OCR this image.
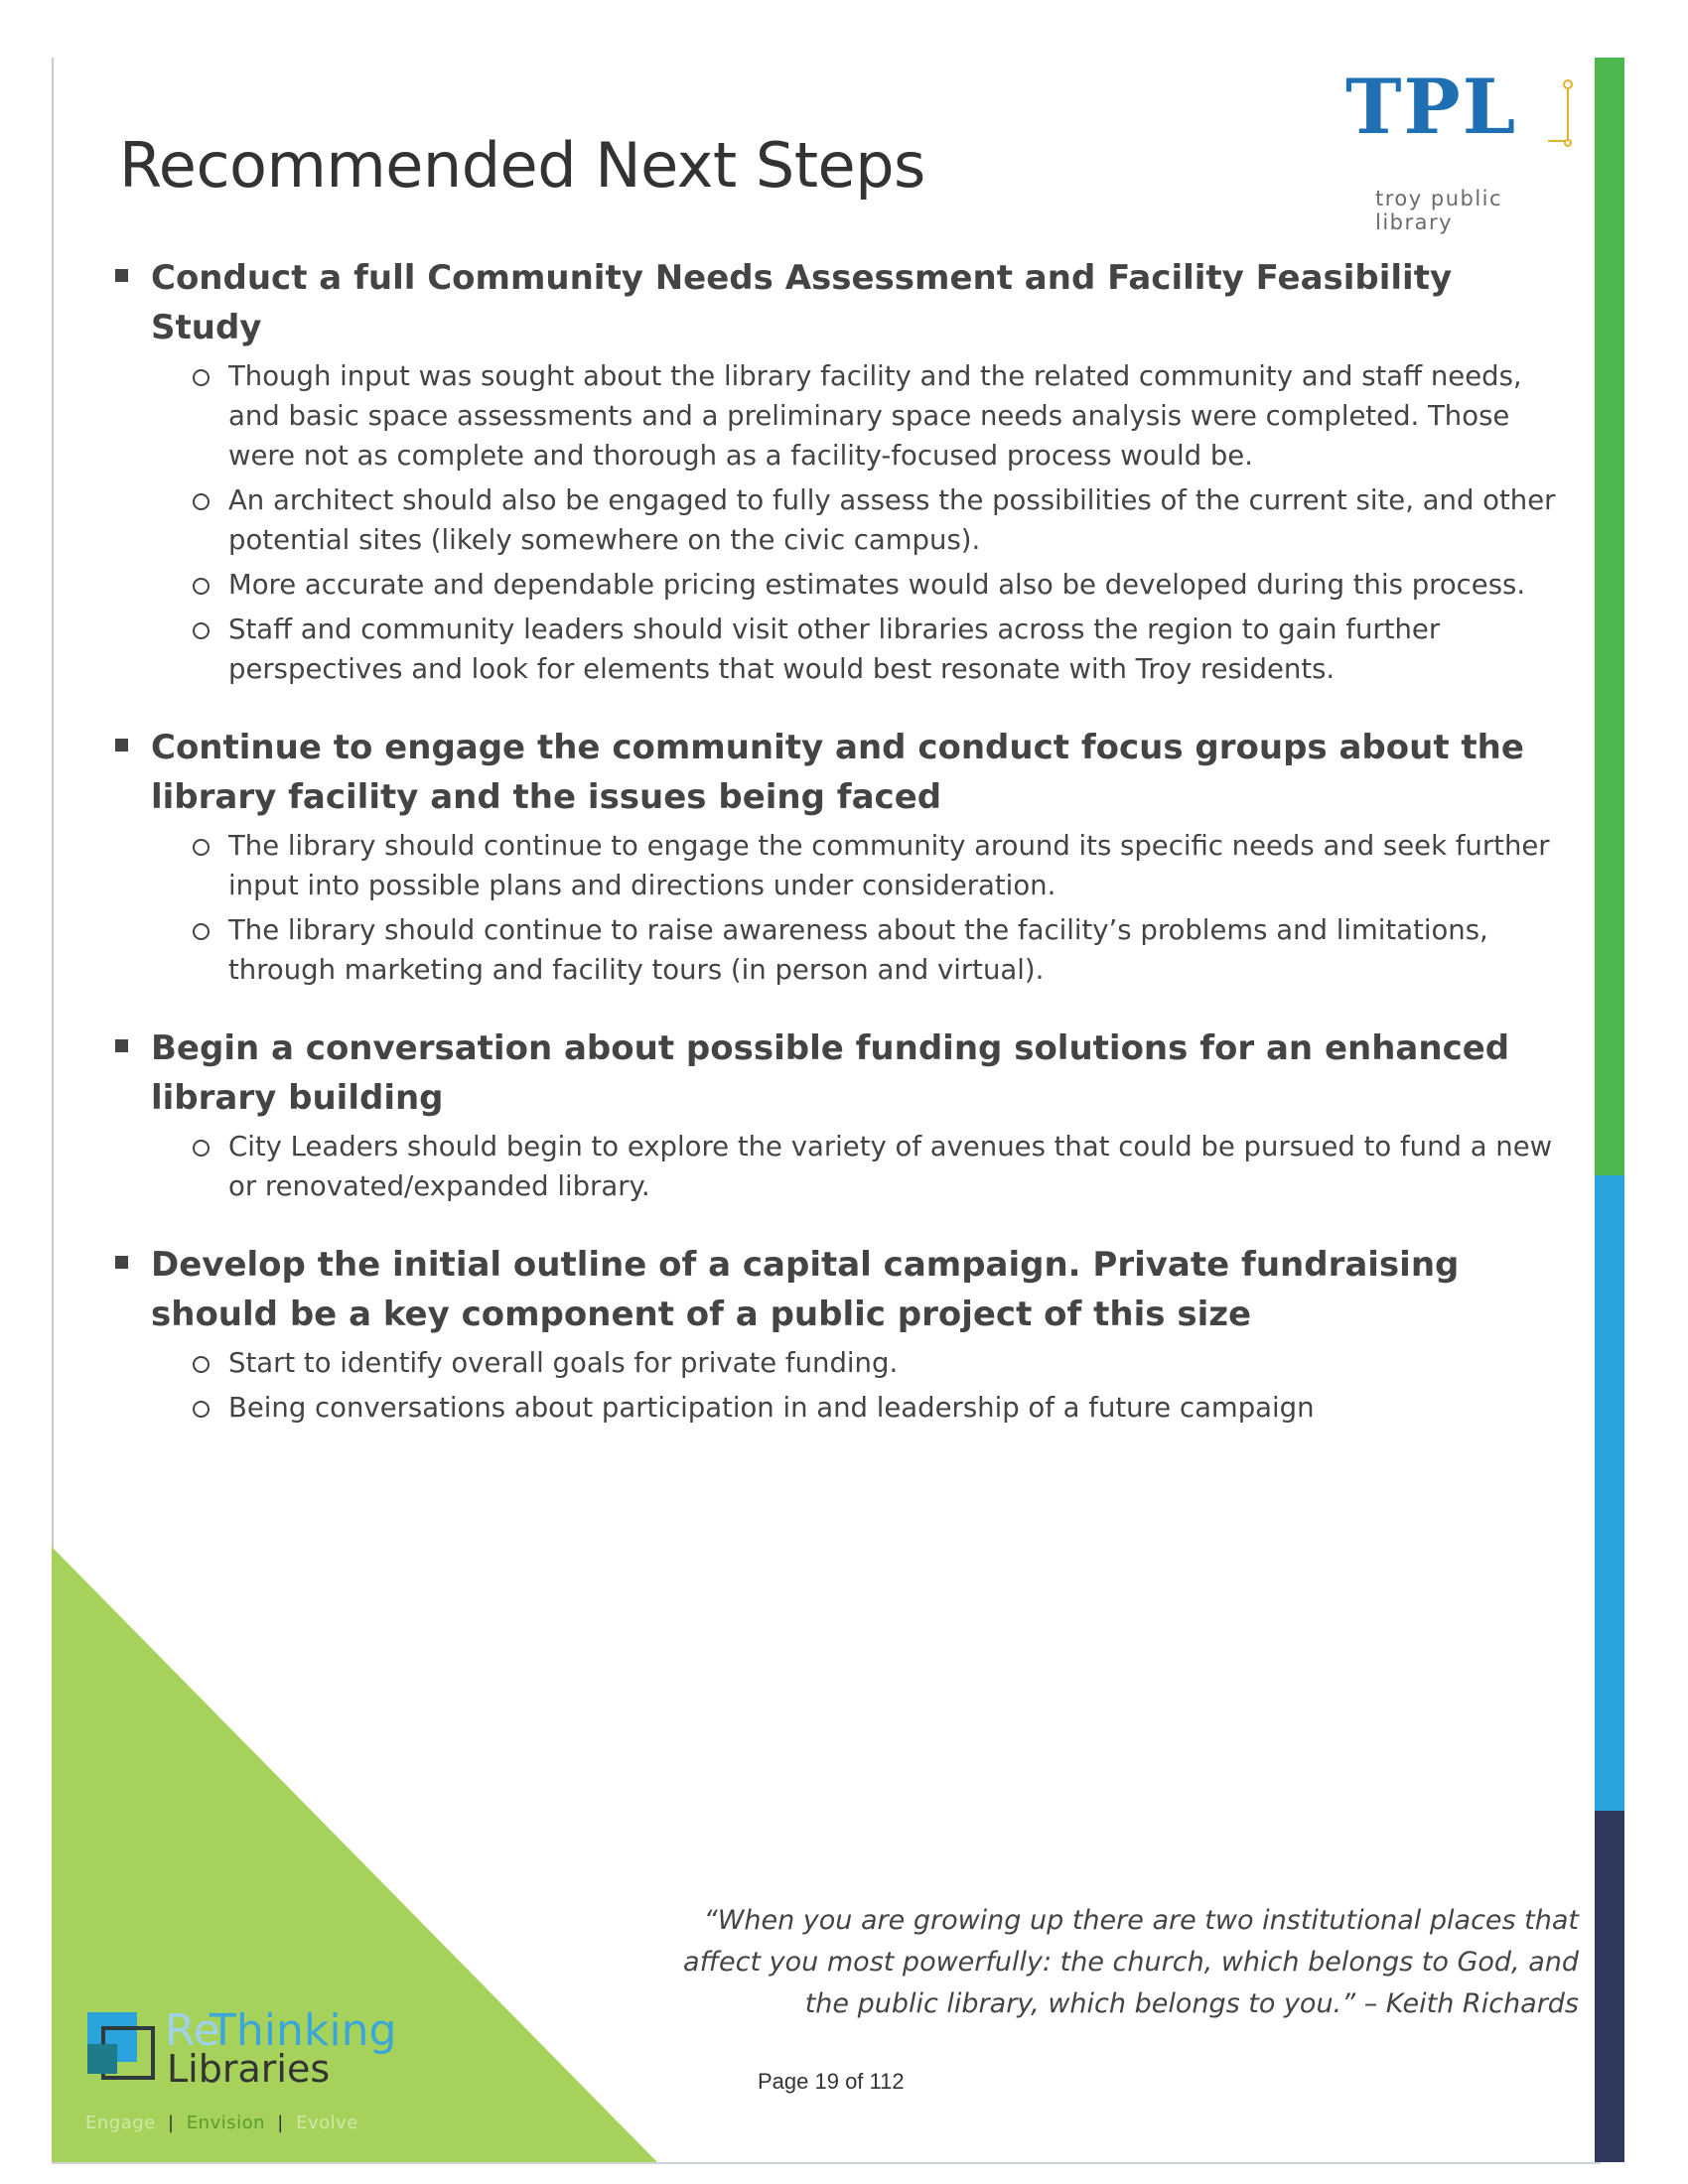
Recommended Next Steps
TPL
troy public library
Conduct a full Community Needs Assessment and Facility Feasibility Study
Though input was sought about the library facility and the related community and staff needs, and basic space assessments and a preliminary space needs analysis were completed. Those were not as complete and thorough as a facility-focused process would be.
An architect should also be engaged to fully assess the possibilities of the current site, and other potential sites (likely somewhere on the civic campus).
More accurate and dependable pricing estimates would also be developed during this process.
Staff and community leaders should visit other libraries across the region to gain further perspectives and look for elements that would best resonate with Troy residents.
Continue to engage the community and conduct focus groups about the library facility and the issues being faced
The library should continue to engage the community around its specific needs and seek further input into possible plans and directions under consideration.
The library should continue to raise awareness about the facility’s problems and limitations, through marketing and facility tours (in person and virtual).
Begin a conversation about possible funding solutions for an enhanced library building
City Leaders should begin to explore the variety of avenues that could be pursued to fund a new or renovated/expanded library.
Develop the initial outline of a capital campaign. Private fundraising should be a key component of a public project of this size
Start to identify overall goals for private funding.
Being conversations about participation in and leadership of a future campaign
Re
Thinking
Libraries
Engage | Envision | Evolve
“When you are growing up there are two institutional places that affect you most powerfully: the church, which belongs to God, and the public library, which belongs to you.” – Keith Richards
Page 19 of 112
